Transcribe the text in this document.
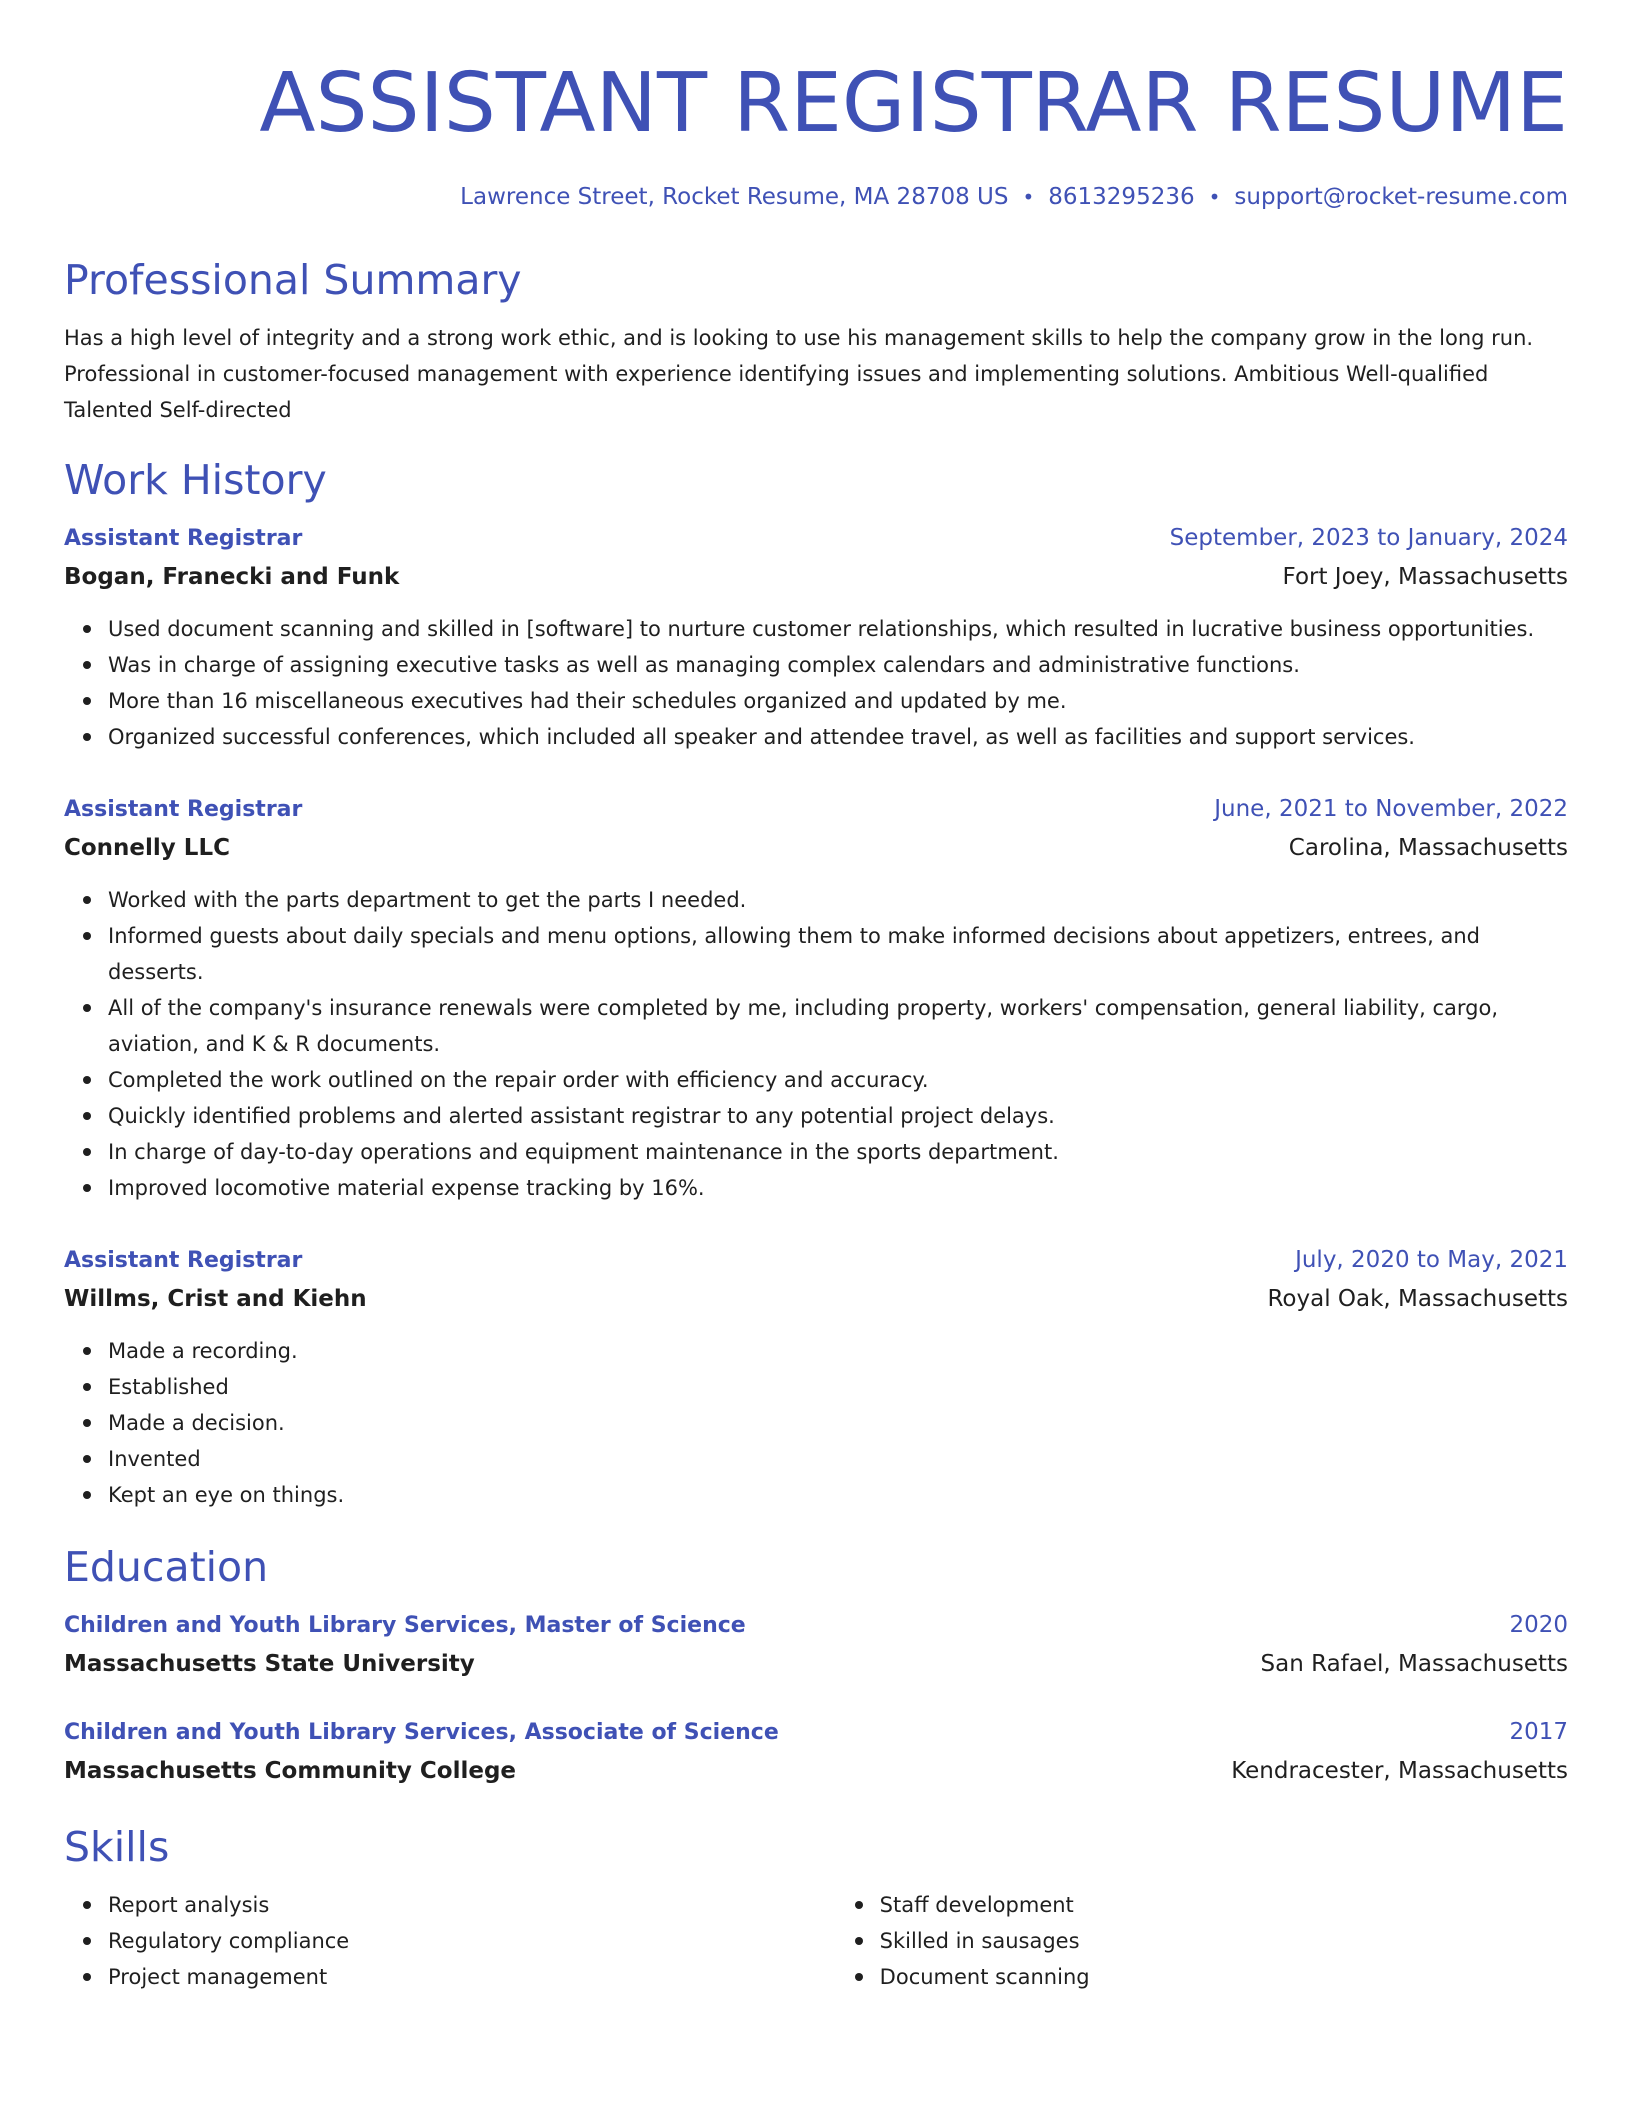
ASSISTANT REGISTRAR RESUME
Lawrence Street, Rocket Resume, MA 28708 US • 8613295236 • support@rocket-resume.com
Professional Summary
Has a high level of integrity and a strong work ethic, and is looking to use his management skills to help the company grow in the long run. Professional in customer-focused management with experience identifying issues and implementing solutions. Ambitious Well-qualified Talented Self-directed
Work History
Assistant Registrar	September, 2023 to January, 2024
Bogan, Franecki and Funk	Fort Joey, Massachusetts
Used document scanning and skilled in [software] to nurture customer relationships, which resulted in lucrative business opportunities.
Was in charge of assigning executive tasks as well as managing complex calendars and administrative functions.
More than 16 miscellaneous executives had their schedules organized and updated by me.
Organized successful conferences, which included all speaker and attendee travel, as well as facilities and support services.
Assistant Registrar	June, 2021 to November, 2022
Connelly LLC	Carolina, Massachusetts
Worked with the parts department to get the parts I needed.
Informed guests about daily specials and menu options, allowing them to make informed decisions about appetizers, entrees, and desserts.
All of the company's insurance renewals were completed by me, including property, workers' compensation, general liability, cargo, aviation, and K & R documents.
Completed the work outlined on the repair order with efficiency and accuracy.
Quickly identified problems and alerted assistant registrar to any potential project delays.
In charge of day-to-day operations and equipment maintenance in the sports department.
Improved locomotive material expense tracking by 16%.
Assistant Registrar	July, 2020 to May, 2021
Willms, Crist and Kiehn	Royal Oak, Massachusetts
Made a recording.
Established
Made a decision.
Invented
Kept an eye on things.
Education
Children and Youth Library Services, Master of Science	2020
Massachusetts State University	San Rafael, Massachusetts
Children and Youth Library Services, Associate of Science	2017
Massachusetts Community College	Kendracester, Massachusetts
Skills
Report analysis
Regulatory compliance
Project management
Staff development
Skilled in sausages
Document scanning
